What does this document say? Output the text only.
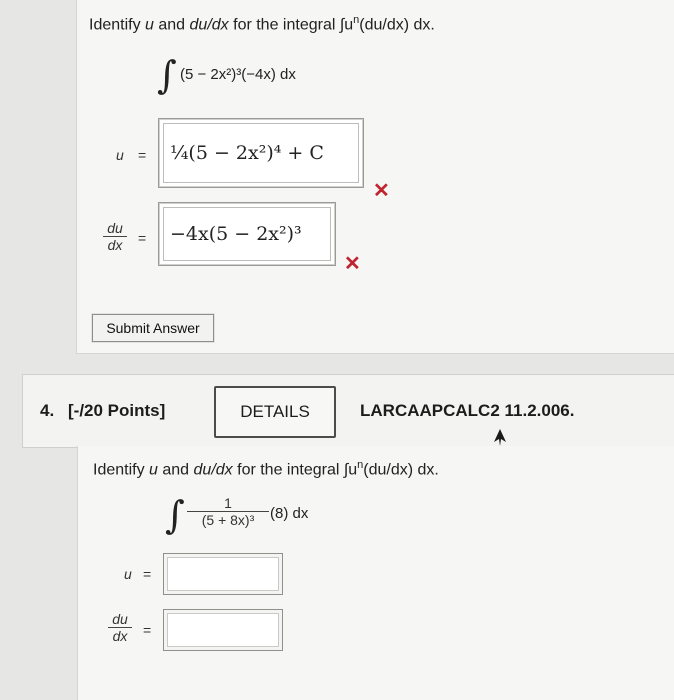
Identify u and du/dx for the integral $\int u^n(du/dx)$ dx.
∫ (5 − 2x²)³(−4x) dx
u =	¼(5 − 2x²)⁴ + C
✕
$\frac{du}{dx}$ =	−4x(5 − 2x²)³
✕
Submit Answer
4. [-/20 Points]	DETAILS	LARCAAPCALC2 11.2.006.
Identify u and du/dx for the integral $\int u^n(du/dx)$ dx.
∫ $\frac{1}{\text{(5 + 8x)³}} (8)$ dx
u =
$\frac{du}{dx}$ =
